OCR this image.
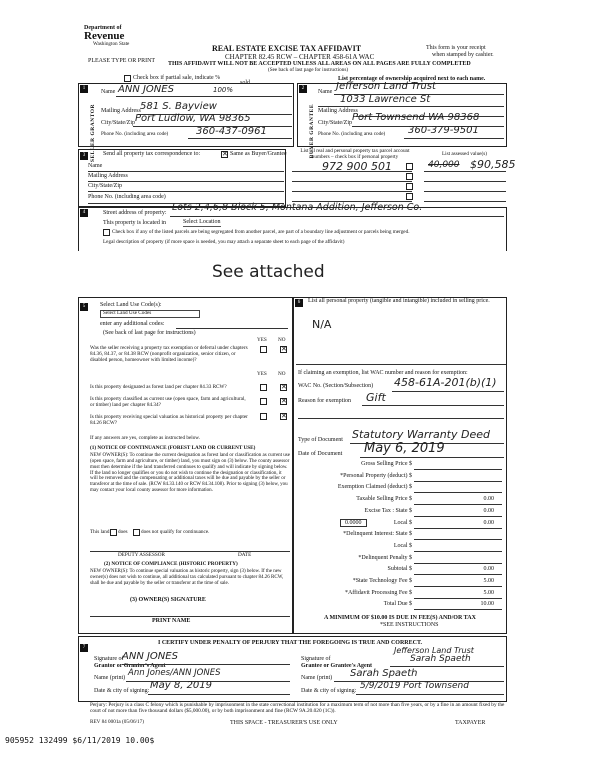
Department of
Revenue
Washington State
PLEASE TYPE OR PRINT
REAL ESTATE EXCISE TAX AFFIDAVIT
CHAPTER 82.45 RCW – CHAPTER 458-61A WAC
THIS AFFIDAVIT WILL NOT BE ACCEPTED UNLESS ALL AREAS ON ALL PAGES ARE FULLY COMPLETED
This form is your receipt
when stamped by cashier.
(See back of last page for instructions)
Check box if partial sale, indicate %
sold.
List percentage of ownership acquired next to each name.
1	2
SELLER GRANTOR	BUYER GRANTEE
Name ANN JONES	100%
Mailing Address 581 S. Bayview
City/State/Zip Port Ludlow, WA 98365
Phone No. (including area code)	360-437-0961
Name Jefferson Land Trust
1033 Lawrence St
Mailing Address
City/State/Zip Port Townsend WA 98368
Phone No. (including area code) 360-379-9501
3	Send all property tax correspondence to:	✕ Same as Buyer/Grantee
Name
Mailing Address
City/State/Zip
Phone No. (including area code)
List all real and personal property tax parcel account numbers – check box if personal property	List assessed value(s)
972 900 501	40,000 $90,585
4	Street address of property: Lots 2,4,6,8 Block 5, Montana Addition, Jefferson Co.
This property is located in	Select Location
Check box if any of the listed parcels are being segregated from another parcel, are part of a boundary line adjustment or parcels being merged.
Legal description of property (if more space is needed, you may attach a separate sheet to each page of the affidavit)
See attached
5	Select Land Use Code(s):
Select Land Use Codes
enter any additional codes:
(See back of last page for instructions)
YES NO
Was the seller receiving a property tax exemption or deferral under chapters 84.36, 84.37, or 84.38 RCW (nonprofit organization, senior citizen, or disabled person, homeowner with limited income)?
✕
YES NO
Is this property designated as forest land per chapter 84.33 RCW?	✕
Is this property classified as current use (open space, farm and agricultural, or timber) land per chapter 84.34?	✕
Is this property receiving special valuation as historical property per chapter 84.26 RCW?
✕
If any answers are yes, complete as instructed below.
(1) NOTICE OF CONTINUANCE (FOREST LAND OR CURRENT USE)
NEW OWNER(S): To continue the current designation as forest land or classification as current use (open space, farm and agriculture, or timber) land, you must sign on (3) below. The county assessor must then determine if the land transferred continues to qualify and will indicate by signing below. If the land no longer qualifies or you do not wish to continue the designation or classification, it will be removed and the compensating or additional taxes will be due and payable by the seller or transferor at the time of sale. (RCW 84.33.140 or RCW 84.34.108). Prior to signing (3) below, you may contact your local county assessor for more information.
This land does	does not qualify for continuance.
DEPUTY ASSESSOR	DATE
(2) NOTICE OF COMPLIANCE (HISTORIC PROPERTY)
NEW OWNER(S): To continue special valuation as historic property, sign (3) below. If the new owner(s) does not wish to continue, all additional tax calculated pursuant to chapter 84.26 RCW, shall be due and payable by the seller or transferor at the time of sale.
(3) OWNER(S) SIGNATURE
PRINT NAME
6	List all personal property (tangible and intangible) included in selling price.
N/A
If claiming an exemption, list WAC number and reason for exemption:
WAC No. (Section/Subsection) 458-61A-201(b)(1)
Reason for exemption Gift
Type of Document Statutory Warranty Deed
Date of Document May 6, 2019
Gross Selling Price $
*Personal Property (deduct) $
Exemption Claimed (deduct) $
Taxable Selling Price $	0.00
Excise Tax : State $	0.00
Local $	0.00
0.0000
*Delinquent Interest: State $
Local $
*Delinquent Penalty $
Subtotal $	0.00
*State Technology Fee $	5.00
*Affidavit Processing Fee $	5.00
Total Due $	10.00
A MINIMUM OF $10.00 IS DUE IN FEE(S) AND/OR TAX
*SEE INSTRUCTIONS
7
I CERTIFY UNDER PENALTY OF PERJURY THAT THE FOREGOING IS TRUE AND CORRECT.
Signature of
Grantor or Grantor's Agent
ANN JONES
Name (print) Ann Jones/ANN JONES
Date & city of signing: May 8, 2019
Jefferson Land Trust
Signature of
Grantee or Grantee's Agent
Sarah Spaeth
Name (print) Sarah Spaeth
Date & city of signing: 5/9/2019 Port Townsend
Perjury: Perjury is a class C felony which is punishable by imprisonment in the state correctional institution for a maximum term of not more than five years, or by a fine in an amount fixed by the court of not more than five thousand dollars ($5,000.00), or by both imprisonment and fine (RCW 9A.20.020 (1C)).
REV 84 0001a (05/06/17)	THIS SPACE - TREASURER'S USE ONLY	TAXPAYER
905952 132499 $6/11/2019 10.00$
